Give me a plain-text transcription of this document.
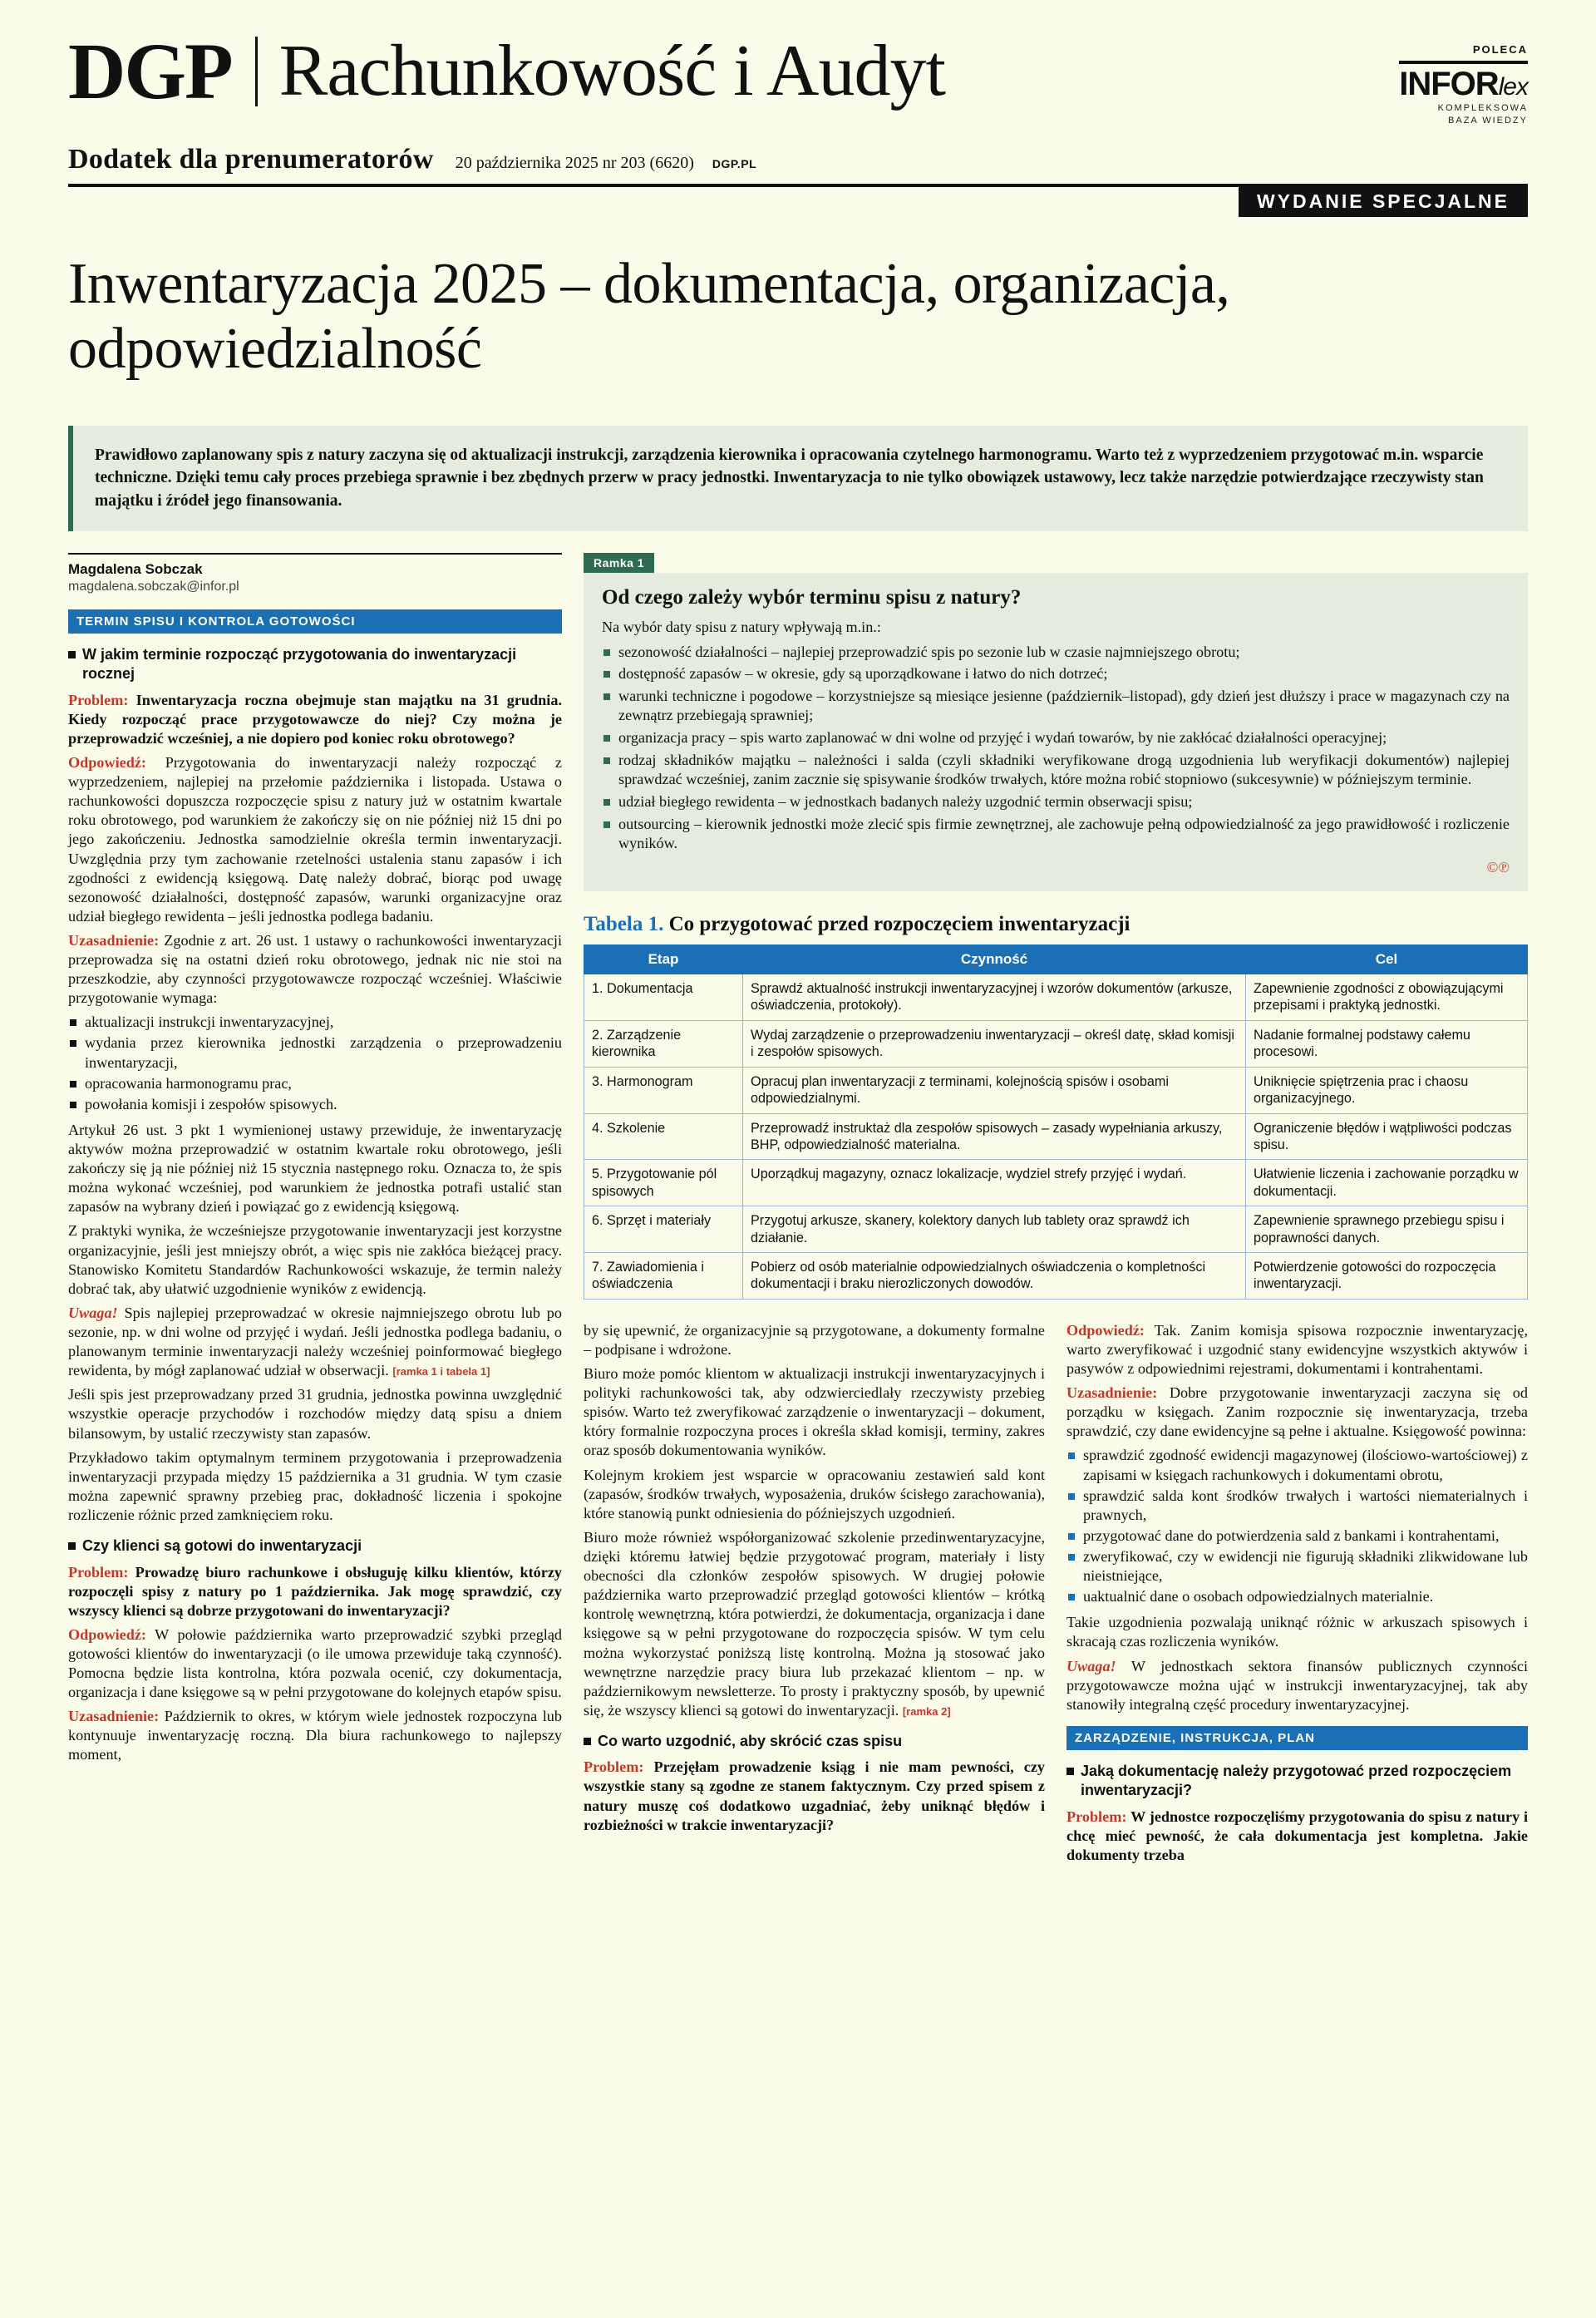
DGP Rachunkowość i Audyt	POLECA
INFORlex
KOMPLEKSOWA
BAZA WIEDZY
Dodatek dla prenumeratorów 20 października 2025 nr 203 (6620) DGP.PL
WYDANIE SPECJALNE
Inwentaryzacja 2025 – dokumentacja, organizacja, odpowiedzialność
Prawidłowo zaplanowany spis z natury zaczyna się od aktualizacji instrukcji, zarządzenia kierownika i opracowania czytelnego harmonogramu. Warto też z wyprzedzeniem przygotować m.in. wsparcie techniczne. Dzięki temu cały proces przebiega sprawnie i bez zbędnych przerw w pracy jednostki. Inwentaryzacja to nie tylko obowiązek ustawowy, lecz także narzędzie potwierdzające rzeczywisty stan majątku i źródeł jego finansowania.
Magdalena Sobczak
magdalena.sobczak@infor.pl
TERMIN SPISU I KONTROLA GOTOWOŚCI
W jakim terminie rozpocząć przygotowania do inwentaryzacji rocznej

Problem: Inwentaryzacja roczna obejmuje stan majątku na 31 grudnia. Kiedy rozpocząć prace przygotowawcze do niej? Czy można je przeprowadzić wcześniej, a nie dopiero pod koniec roku obrotowego?

Odpowiedź: Przygotowania do inwentaryzacji należy rozpocząć z wyprzedzeniem, najlepiej na przełomie października i listopada. Ustawa o rachunkowości dopuszcza rozpoczęcie spisu z natury już w ostatnim kwartale roku obrotowego, pod warunkiem że zakończy się on nie później niż 15 dni po jego zakończeniu. Jednostka samodzielnie określa termin inwentaryzacji. Uwzględnia przy tym zachowanie rzetelności ustalenia stanu zapasów i ich zgodności z ewidencją księgową. Datę należy dobrać, biorąc pod uwagę sezonowość działalności, dostępność zapasów, warunki organizacyjne oraz udział biegłego rewidenta – jeśli jednostka podlega badaniu.

Uzasadnienie: Zgodnie z art. 26 ust. 1 ustawy o rachunkowości inwentaryzacji przeprowadza się na ostatni dzień roku obrotowego, jednak nic nie stoi na przeszkodzie, aby czynności przygotowawcze rozpocząć wcześniej. Właściwie przygotowanie wymaga:

aktualizacji instrukcji inwentaryzacyjnej,
wydania przez kierownika jednostki zarządzenia o przeprowadzeniu inwentaryzacji,
opracowania harmonogramu prac,
powołania komisji i zespołów spisowych.

Artykuł 26 ust. 3 pkt 1 wymienionej ustawy przewiduje, że inwentaryzację aktywów można przeprowadzić w ostatnim kwartale roku obrotowego, jeśli zakończy się ją nie później niż 15 stycznia następnego roku. Oznacza to, że spis można wykonać wcześniej, pod warunkiem że jednostka potrafi ustalić stan zapasów na wybrany dzień i powiązać go z ewidencją księgową.

Z praktyki wynika, że wcześniejsze przygotowanie inwentaryzacji jest korzystne organizacyjnie, jeśli jest mniejszy obrót, a więc spis nie zakłóca bieżącej pracy. Stanowisko Komitetu Standardów Rachunkowości wskazuje, że termin należy dobrać tak, aby ułatwić uzgodnienie wyników z ewidencją.

Uwaga! Spis najlepiej przeprowadzać w okresie najmniejszego obrotu lub po sezonie, np. w dni wolne od przyjęć i wydań. Jeśli jednostka podlega badaniu, o planowanym terminie inwentaryzacji należy wcześniej poinformować biegłego rewidenta, by mógł zaplanować udział w obserwacji. [ramka 1 i tabela 1]

Jeśli spis jest przeprowadzany przed 31 grudnia, jednostka powinna uwzględnić wszystkie operacje przychodów i rozchodów między datą spisu a dniem bilansowym, by ustalić rzeczywisty stan zapasów.

Przykładowo takim optymalnym terminem przygotowania i przeprowadzenia inwentaryzacji przypada między 15 października a 31 grudnia. W tym czasie można zapewnić sprawny przebieg prac, dokładność liczenia i spokojne rozliczenie różnic przed zamknięciem roku.

Czy klienci są gotowi do inwentaryzacji

Problem: Prowadzę biuro rachunkowe i obsługuję kilku klientów, którzy rozpoczęli spisy z natury po 1 października. Jak mogę sprawdzić, czy wszyscy klienci są dobrze przygotowani do inwentaryzacji?

Odpowiedź: W połowie października warto przeprowadzić szybki przegląd gotowości klientów do inwentaryzacji (o ile umowa przewiduje taką czynność). Pomocna będzie lista kontrolna, która pozwala ocenić, czy dokumentacja, organizacja i dane księgowe są w pełni przygotowane do kolejnych etapów spisu.

Uzasadnienie: Październik to okres, w którym wiele jednostek rozpoczyna lub kontynuuje inwentaryzację roczną. Dla biura rachunkowego to najlepszy moment,

Ramka 1
Od czego zależy wybór terminu spisu z natury?

Na wybór daty spisu z natury wpływają m.in.:

sezonowość działalności – najlepiej przeprowadzić spis po sezonie lub w czasie najmniejszego obrotu;
dostępność zapasów – w okresie, gdy są uporządkowane i łatwo do nich dotrzeć;
warunki techniczne i pogodowe – korzystniejsze są miesiące jesienne (październik–listopad), gdy dzień jest dłuższy i prace w magazynach czy na zewnątrz przebiegają sprawniej;
organizacja pracy – spis warto zaplanować w dni wolne od przyjęć i wydań towarów, by nie zakłócać działalności operacyjnej;
rodzaj składników majątku – należności i salda (czyli składniki weryfikowane drogą uzgodnienia lub weryfikacji dokumentów) najlepiej sprawdzać wcześniej, zanim zacznie się spisywanie środków trwałych, które można robić stopniowo (sukcesywnie) w późniejszym terminie.
udział biegłego rewidenta – w jednostkach badanych należy uzgodnić termin obserwacji spisu;
outsourcing – kierownik jednostki może zlecić spis firmie zewnętrznej, ale zachowuje pełną odpowiedzialność za jego prawidłowość i rozliczenie wyników.
©℗
Tabela 1. Co przygotować przed rozpoczęciem inwentaryzacji
Etap	Czynność	Cel
1. Dokumentacja	Sprawdź aktualność instrukcji inwentaryzacyjnej i wzorów dokumentów (arkusze, oświadczenia, protokoły).	Zapewnienie zgodności z obowiązującymi przepisami i praktyką jednostki.
2. Zarządzenie kierownika	Wydaj zarządzenie o przeprowadzeniu inwentaryzacji – określ datę, skład komisji i zespołów spisowych.	Nadanie formalnej podstawy całemu procesowi.
3. Harmonogram	Opracuj plan inwentaryzacji z terminami, kolejnością spisów i osobami odpowiedzialnymi.	Uniknięcie spiętrzenia prac i chaosu organizacyjnego.
4. Szkolenie	Przeprowadź instruktaż dla zespołów spisowych – zasady wypełniania arkuszy, BHP, odpowiedzialność materialna.	Ograniczenie błędów i wątpliwości podczas spisu.
5. Przygotowanie pól spisowych	Uporządkuj magazyny, oznacz lokalizacje, wydziel strefy przyjęć i wydań.	Ułatwienie liczenia i zachowanie porządku w dokumentacji.
6. Sprzęt i materiały	Przygotuj arkusze, skanery, kolektory danych lub tablety oraz sprawdź ich działanie.	Zapewnienie sprawnego przebiegu spisu i poprawności danych.
7. Zawiadomienia i oświadczenia	Pobierz od osób materialnie odpowiedzialnych oświadczenia o kompletności dokumentacji i braku nierozliczonych dowodów.	Potwierdzenie gotowości do rozpoczęcia inwentaryzacji.

by się upewnić, że organizacyjnie są przygotowane, a dokumenty formalne – podpisane i wdrożone.

Biuro może pomóc klientom w aktualizacji instrukcji inwentaryzacyjnych i polityki rachunkowości tak, aby odzwierciedlały rzeczywisty przebieg spisów. Warto też zweryfikować zarządzenie o inwentaryzacji – dokument, który formalnie rozpoczyna proces i określa skład komisji, terminy, zakres oraz sposób dokumentowania wyników.

Kolejnym krokiem jest wsparcie w opracowaniu zestawień sald kont (zapasów, środków trwałych, wyposażenia, druków ścisłego zarachowania), które stanowią punkt odniesienia do późniejszych uzgodnień.

Biuro może również współorganizować szkolenie przedinwentaryzacyjne, dzięki któremu łatwiej będzie przygotować program, materiały i listy obecności dla członków zespołów spisowych. W drugiej połowie października warto przeprowadzić przegląd gotowości klientów – krótką kontrolę wewnętrzną, która potwierdzi, że dokumentacja, organizacja i dane księgowe są w pełni przygotowane do rozpoczęcia spisów. W tym celu można wykorzystać poniższą listę kontrolną. Można ją stosować jako wewnętrzne narzędzie pracy biura lub przekazać klientom – np. w październikowym newsletterze. To prosty i praktyczny sposób, by upewnić się, że wszyscy klienci są gotowi do inwentaryzacji. [ramka 2]

Co warto uzgodnić, aby skrócić czas spisu

Problem: Przejęłam prowadzenie ksiąg i nie mam pewności, czy wszystkie stany są zgodne ze stanem faktycznym. Czy przed spisem z natury muszę coś dodatkowo uzgadniać, żeby uniknąć błędów i rozbieżności w trakcie inwentaryzacji?

Odpowiedź: Tak. Zanim komisja spisowa rozpocznie inwentaryzację, warto zweryfikować i uzgodnić stany ewidencyjne wszystkich aktywów i pasywów z odpowiednimi rejestrami, dokumentami i kontrahentami.

Uzasadnienie: Dobre przygotowanie inwentaryzacji zaczyna się od porządku w księgach. Zanim rozpocznie się inwentaryzacja, trzeba sprawdzić, czy dane ewidencyjne są pełne i aktualne. Księgowość powinna:

sprawdzić zgodność ewidencji magazynowej (ilościowo-wartościowej) z zapisami w księgach rachunkowych i dokumentami obrotu,
sprawdzić salda kont środków trwałych i wartości niematerialnych i prawnych,
przygotować dane do potwierdzenia sald z bankami i kontrahentami,
zweryfikować, czy w ewidencji nie figurują składniki zlikwidowane lub nieistniejące,
uaktualnić dane o osobach odpowiedzialnych materialnie.

Takie uzgodnienia pozwalają uniknąć różnic w arkuszach spisowych i skracają czas rozliczenia wyników.

Uwaga! W jednostkach sektora finansów publicznych czynności przygotowawcze można ująć w instrukcji inwentaryzacyjnej, tak aby stanowiły integralną część procedury inwentaryzacyjnej.

ZARZĄDZENIE, INSTRUKCJA, PLAN
Jaką dokumentację należy przygotować przed rozpoczęciem inwentaryzacji?

Problem: W jednostce rozpoczęliśmy przygotowania do spisu z natury i chcę mieć pewność, że cała dokumentacja jest kompletna. Jakie dokumenty trzeba
